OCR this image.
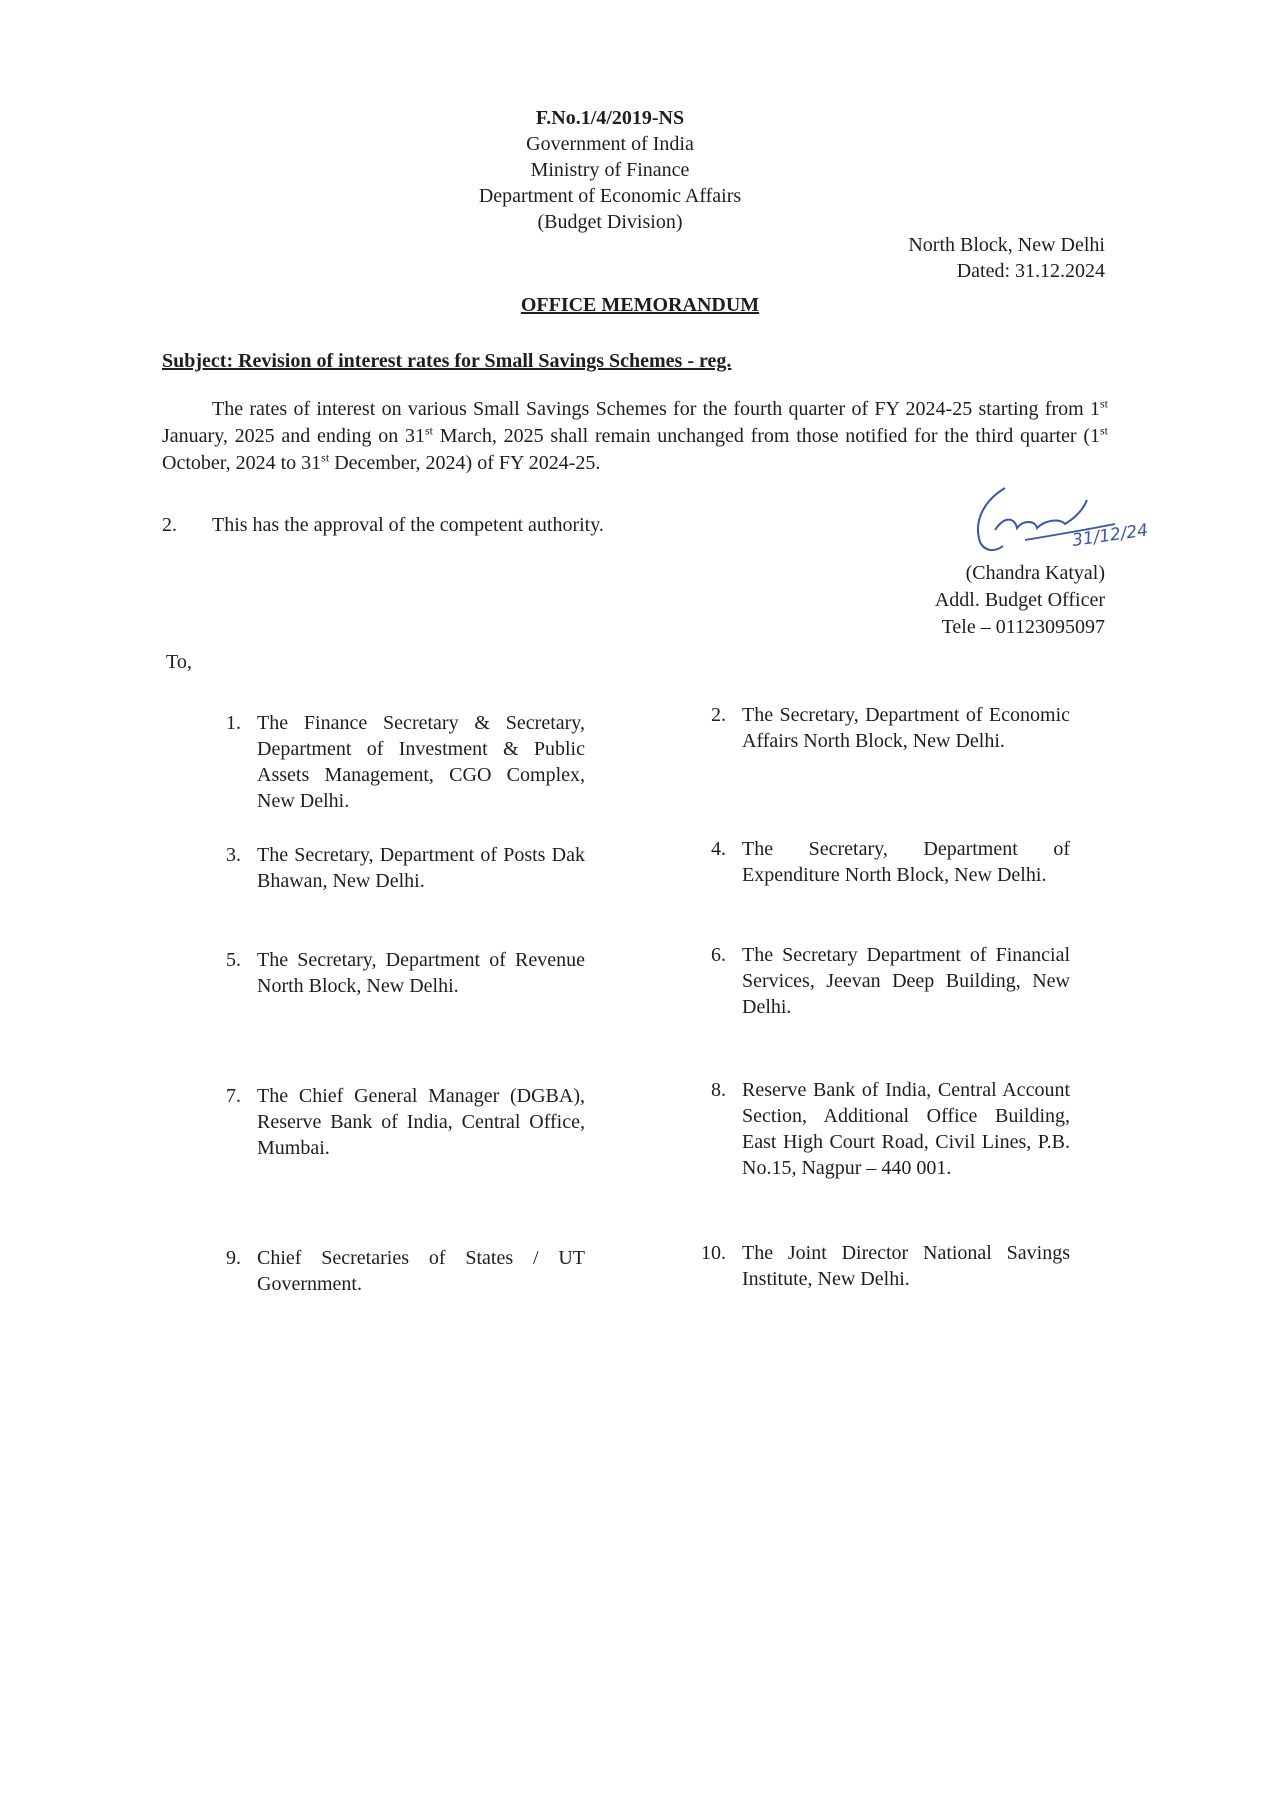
F.No.1/4/2019-NS
Government of India
Ministry of Finance
Department of Economic Affairs
(Budget Division)
North Block, New Delhi
Dated: 31.12.2024
OFFICE MEMORANDUM
Subject: Revision of interest rates for Small Savings Schemes - reg.
The rates of interest on various Small Savings Schemes for the fourth quarter of FY 2024-25 starting from 1st January, 2025 and ending on 31st March, 2025 shall remain unchanged from those notified for the third quarter (1st October, 2024 to 31st December, 2024) of FY 2024-25.
2. This has the approval of the competent authority.	31/12/24
(Chandra Katyal)
Addl. Budget Officer
Tele – 01123095097
To,
1. The Finance Secretary & Secretary, Department of Investment & Public Assets Management, CGO Complex, New Delhi.
2. The Secretary, Department of Economic Affairs North Block, New Delhi.
3. The Secretary, Department of Posts Dak Bhawan, New Delhi.
4. The Secretary, Department of Expenditure North Block, New Delhi.
5. The Secretary, Department of Revenue North Block, New Delhi.
6. The Secretary Department of Financial Services, Jeevan Deep Building, New Delhi.
7. The Chief General Manager (DGBA), Reserve Bank of India, Central Office, Mumbai.
8. Reserve Bank of India, Central Account Section, Additional Office Building, East High Court Road, Civil Lines, P.B. No.15, Nagpur – 440 001.
9. Chief Secretaries of States / UT Government.
10. The Joint Director National Savings Institute, New Delhi.
